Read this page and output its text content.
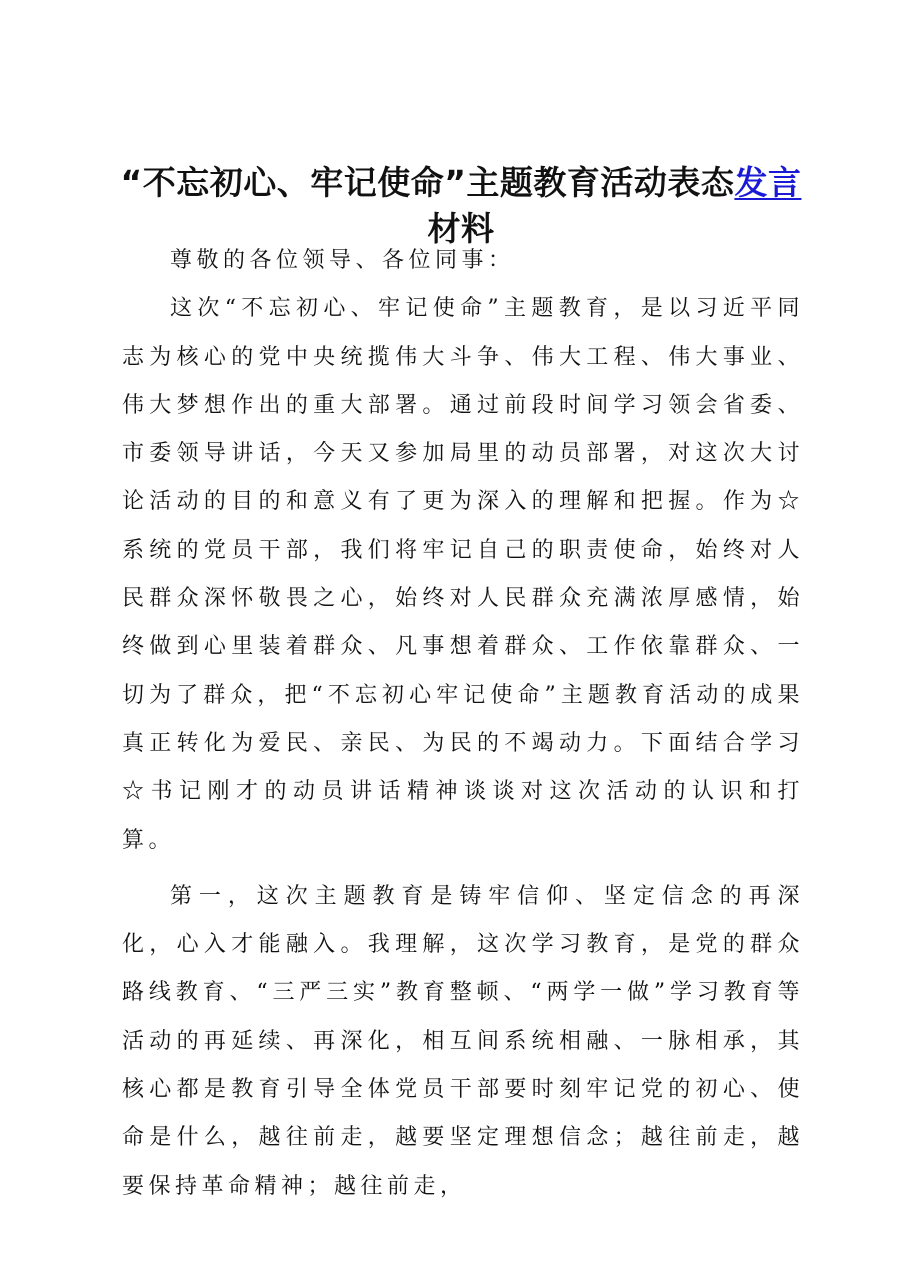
“不忘初心、牢记使命”主题教育活动表态发言材料

尊敬的各位领导、各位同事：

这次“不忘初心、牢记使命”主题教育，是以习近平同志为核心的党中央统揽伟大斗争、伟大工程、伟大事业、伟大梦想作出的重大部署。通过前段时间学习领会省委、市委领导讲话，今天又参加局里的动员部署，对这次大讨论活动的目的和意义有了更为深入的理解和把握。作为☆系统的党员干部，我们将牢记自己的职责使命，始终对人民群众深怀敬畏之心，始终对人民群众充满浓厚感情，始终做到心里装着群众、凡事想着群众、工作依靠群众、一切为了群众，把“不忘初心牢记使命”主题教育活动的成果真正转化为爱民、亲民、为民的不竭动力。下面结合学习☆书记刚才的动员讲话精神谈谈对这次活动的认识和打算。

第一，这次主题教育是铸牢信仰、坚定信念的再深化，心入才能融入。我理解，这次学习教育，是党的群众路线教育、“三严三实”教育整顿、“两学一做”学习教育等活动的再延续、再深化，相互间系统相融、一脉相承，其核心都是教育引导全体党员干部要时刻牢记党的初心、使命是什么，越往前走，越要坚定理想信念；越往前走，越要保持革命精神；越往前走，
